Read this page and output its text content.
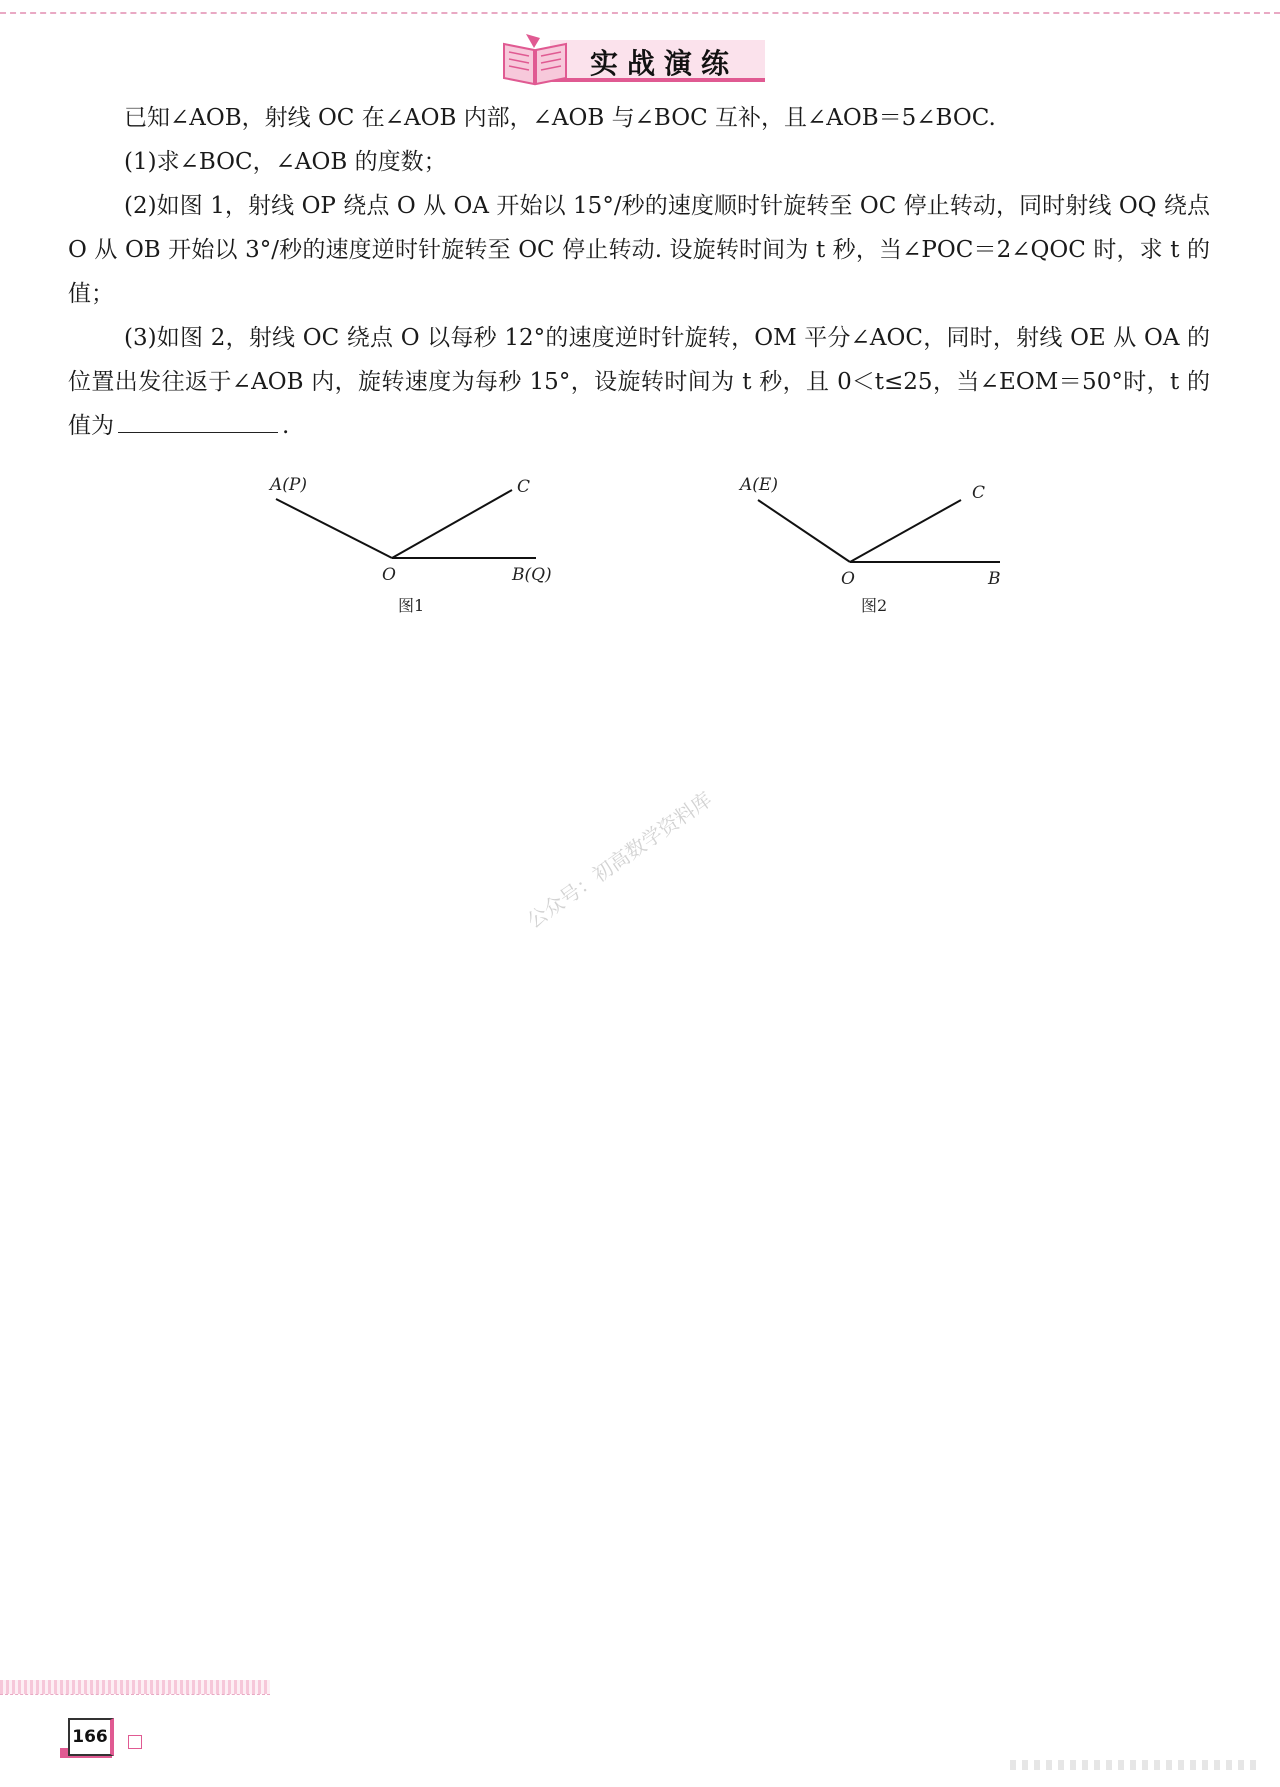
实战演练

已知∠AOB，射线 OC 在∠AOB 内部，∠AOB 与∠BOC 互补，且∠AOB＝5∠BOC.

(1)求∠BOC，∠AOB 的度数；

(2)如图 1，射线 OP 绕点 O 从 OA 开始以 15°/秒的速度顺时针旋转至 OC 停止转动，同时射线 OQ 绕点 O 从 OB 开始以 3°/秒的速度逆时针旋转至 OC 停止转动. 设旋转时间为 t 秒，当∠POC＝2∠QOC 时，求 t 的值；

(3)如图 2，射线 OC 绕点 O 以每秒 12°的速度逆时针旋转，OM 平分∠AOC，同时，射线 OE 从 OA 的位置出发往返于∠AOB 内，旋转速度为每秒 15°，设旋转时间为 t 秒，且 0＜t≤25，当∠EOM＝50°时，t 的值为	.

A(P)	C
O	B(Q)
图1
A(E)	C
O	B
图2
公众号：初高数学资料库
166
